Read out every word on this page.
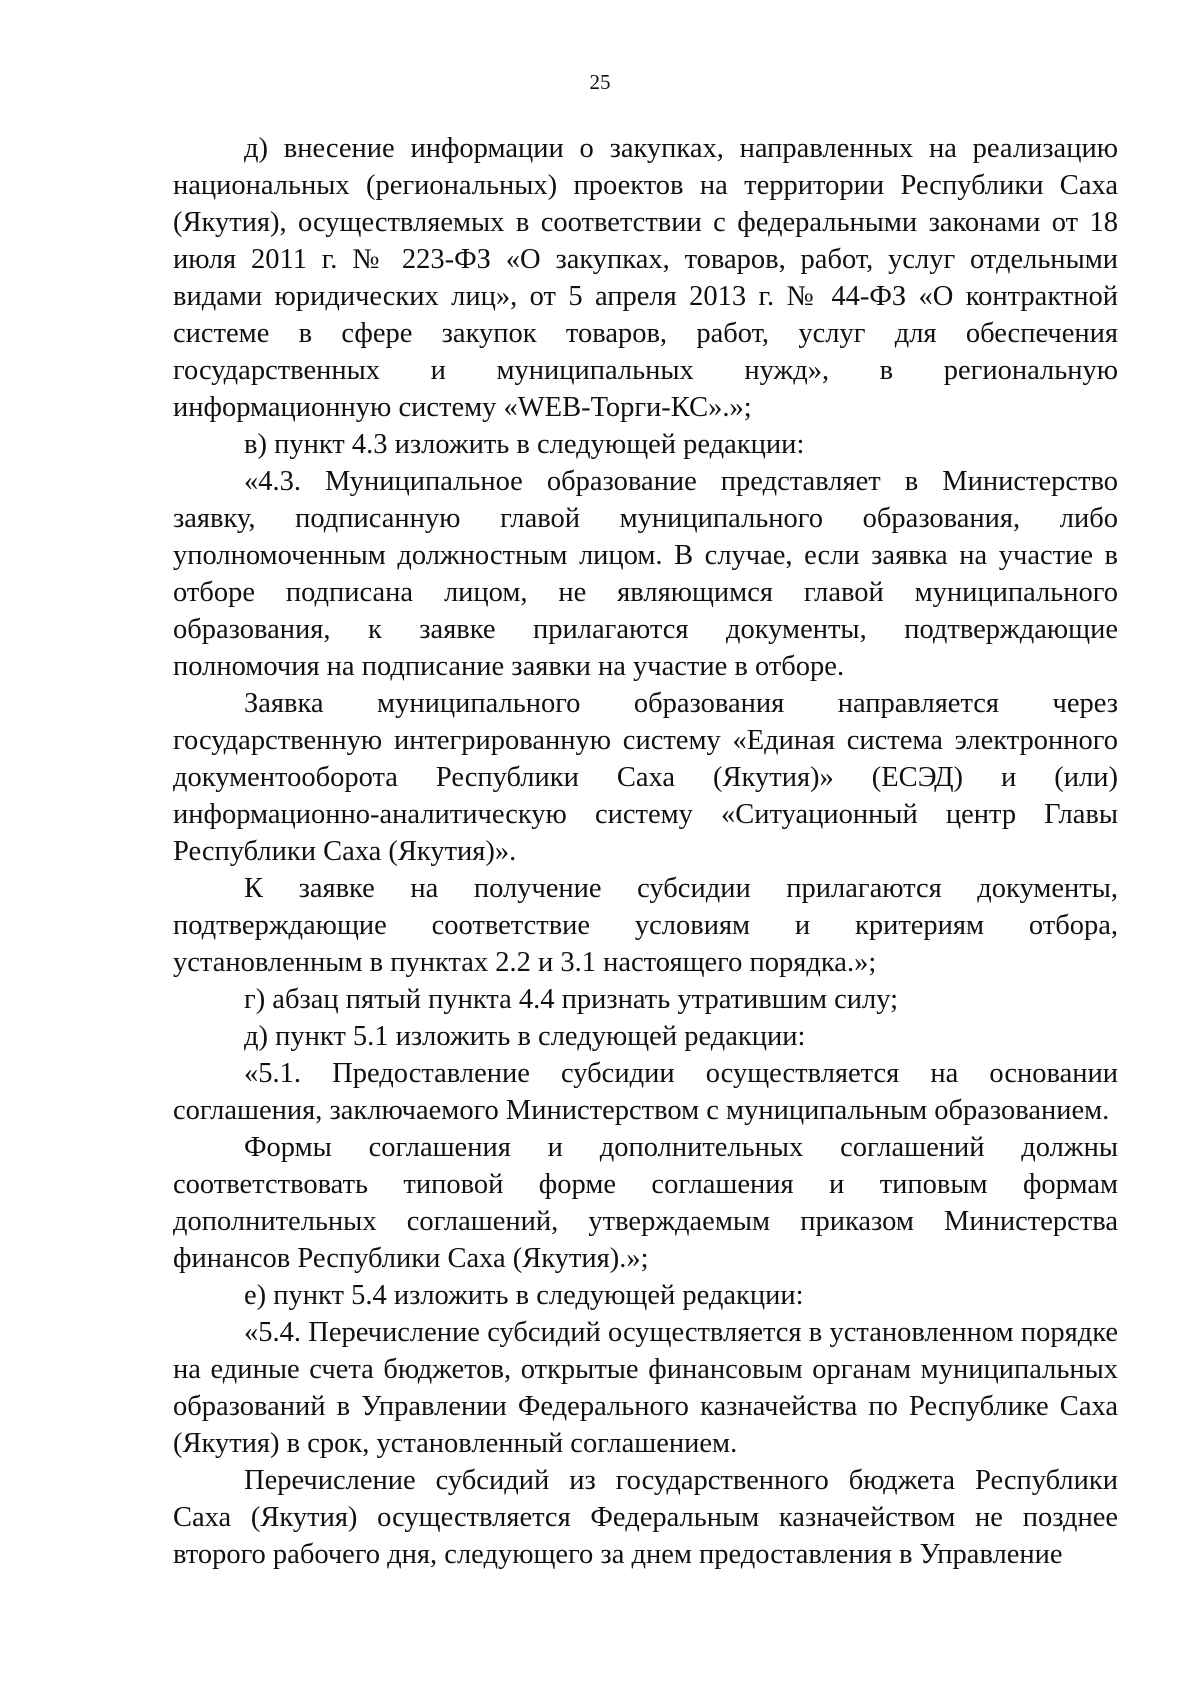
25

д) внесение информации о закупках, направленных на реализацию национальных (региональных) проектов на территории Республики Саха (Якутия), осуществляемых в соответствии с федеральными законами от 18 июля 2011 г. № 223-ФЗ «О закупках, товаров, работ, услуг отдельными видами юридических лиц», от 5 апреля 2013 г. № 44-ФЗ «О контрактной системе в сфере закупок товаров, работ, услуг для обеспечения государственных и муниципальных нужд», в региональную информационную систему «WEB-Торги-КС».»;

в) пункт 4.3 изложить в следующей редакции:

«4.3. Муниципальное образование представляет в Министерство заявку, подписанную главой муниципального образования, либо уполномоченным должностным лицом. В случае, если заявка на участие в отборе подписана лицом, не являющимся главой муниципального образования, к заявке прилагаются документы, подтверждающие полномочия на подписание заявки на участие в отборе.

Заявка муниципального образования направляется через государственную интегрированную систему «Единая система электронного документооборота Республики Саха (Якутия)» (ЕСЭД) и (или) информационно-аналитическую систему «Ситуационный центр Главы Республики Саха (Якутия)».

К заявке на получение субсидии прилагаются документы, подтверждающие соответствие условиям и критериям отбора, установленным в пунктах 2.2 и 3.1 настоящего порядка.»;

г) абзац пятый пункта 4.4 признать утратившим силу;

д) пункт 5.1 изложить в следующей редакции:

«5.1. Предоставление субсидии осуществляется на основании соглашения, заключаемого Министерством с муниципальным образованием.

Формы соглашения и дополнительных соглашений должны соответствовать типовой форме соглашения и типовым формам дополнительных соглашений, утверждаемым приказом Министерства финансов Республики Саха (Якутия).»;

е) пункт 5.4 изложить в следующей редакции:

«5.4. Перечисление субсидий осуществляется в установленном порядке на единые счета бюджетов, открытые финансовым органам муниципальных образований в Управлении Федерального казначейства по Республике Саха (Якутия) в срок, установленный соглашением.

Перечисление субсидий из государственного бюджета Республики Саха (Якутия) осуществляется Федеральным казначейством не позднее второго рабочего дня, следующего за днем предоставления в Управление
